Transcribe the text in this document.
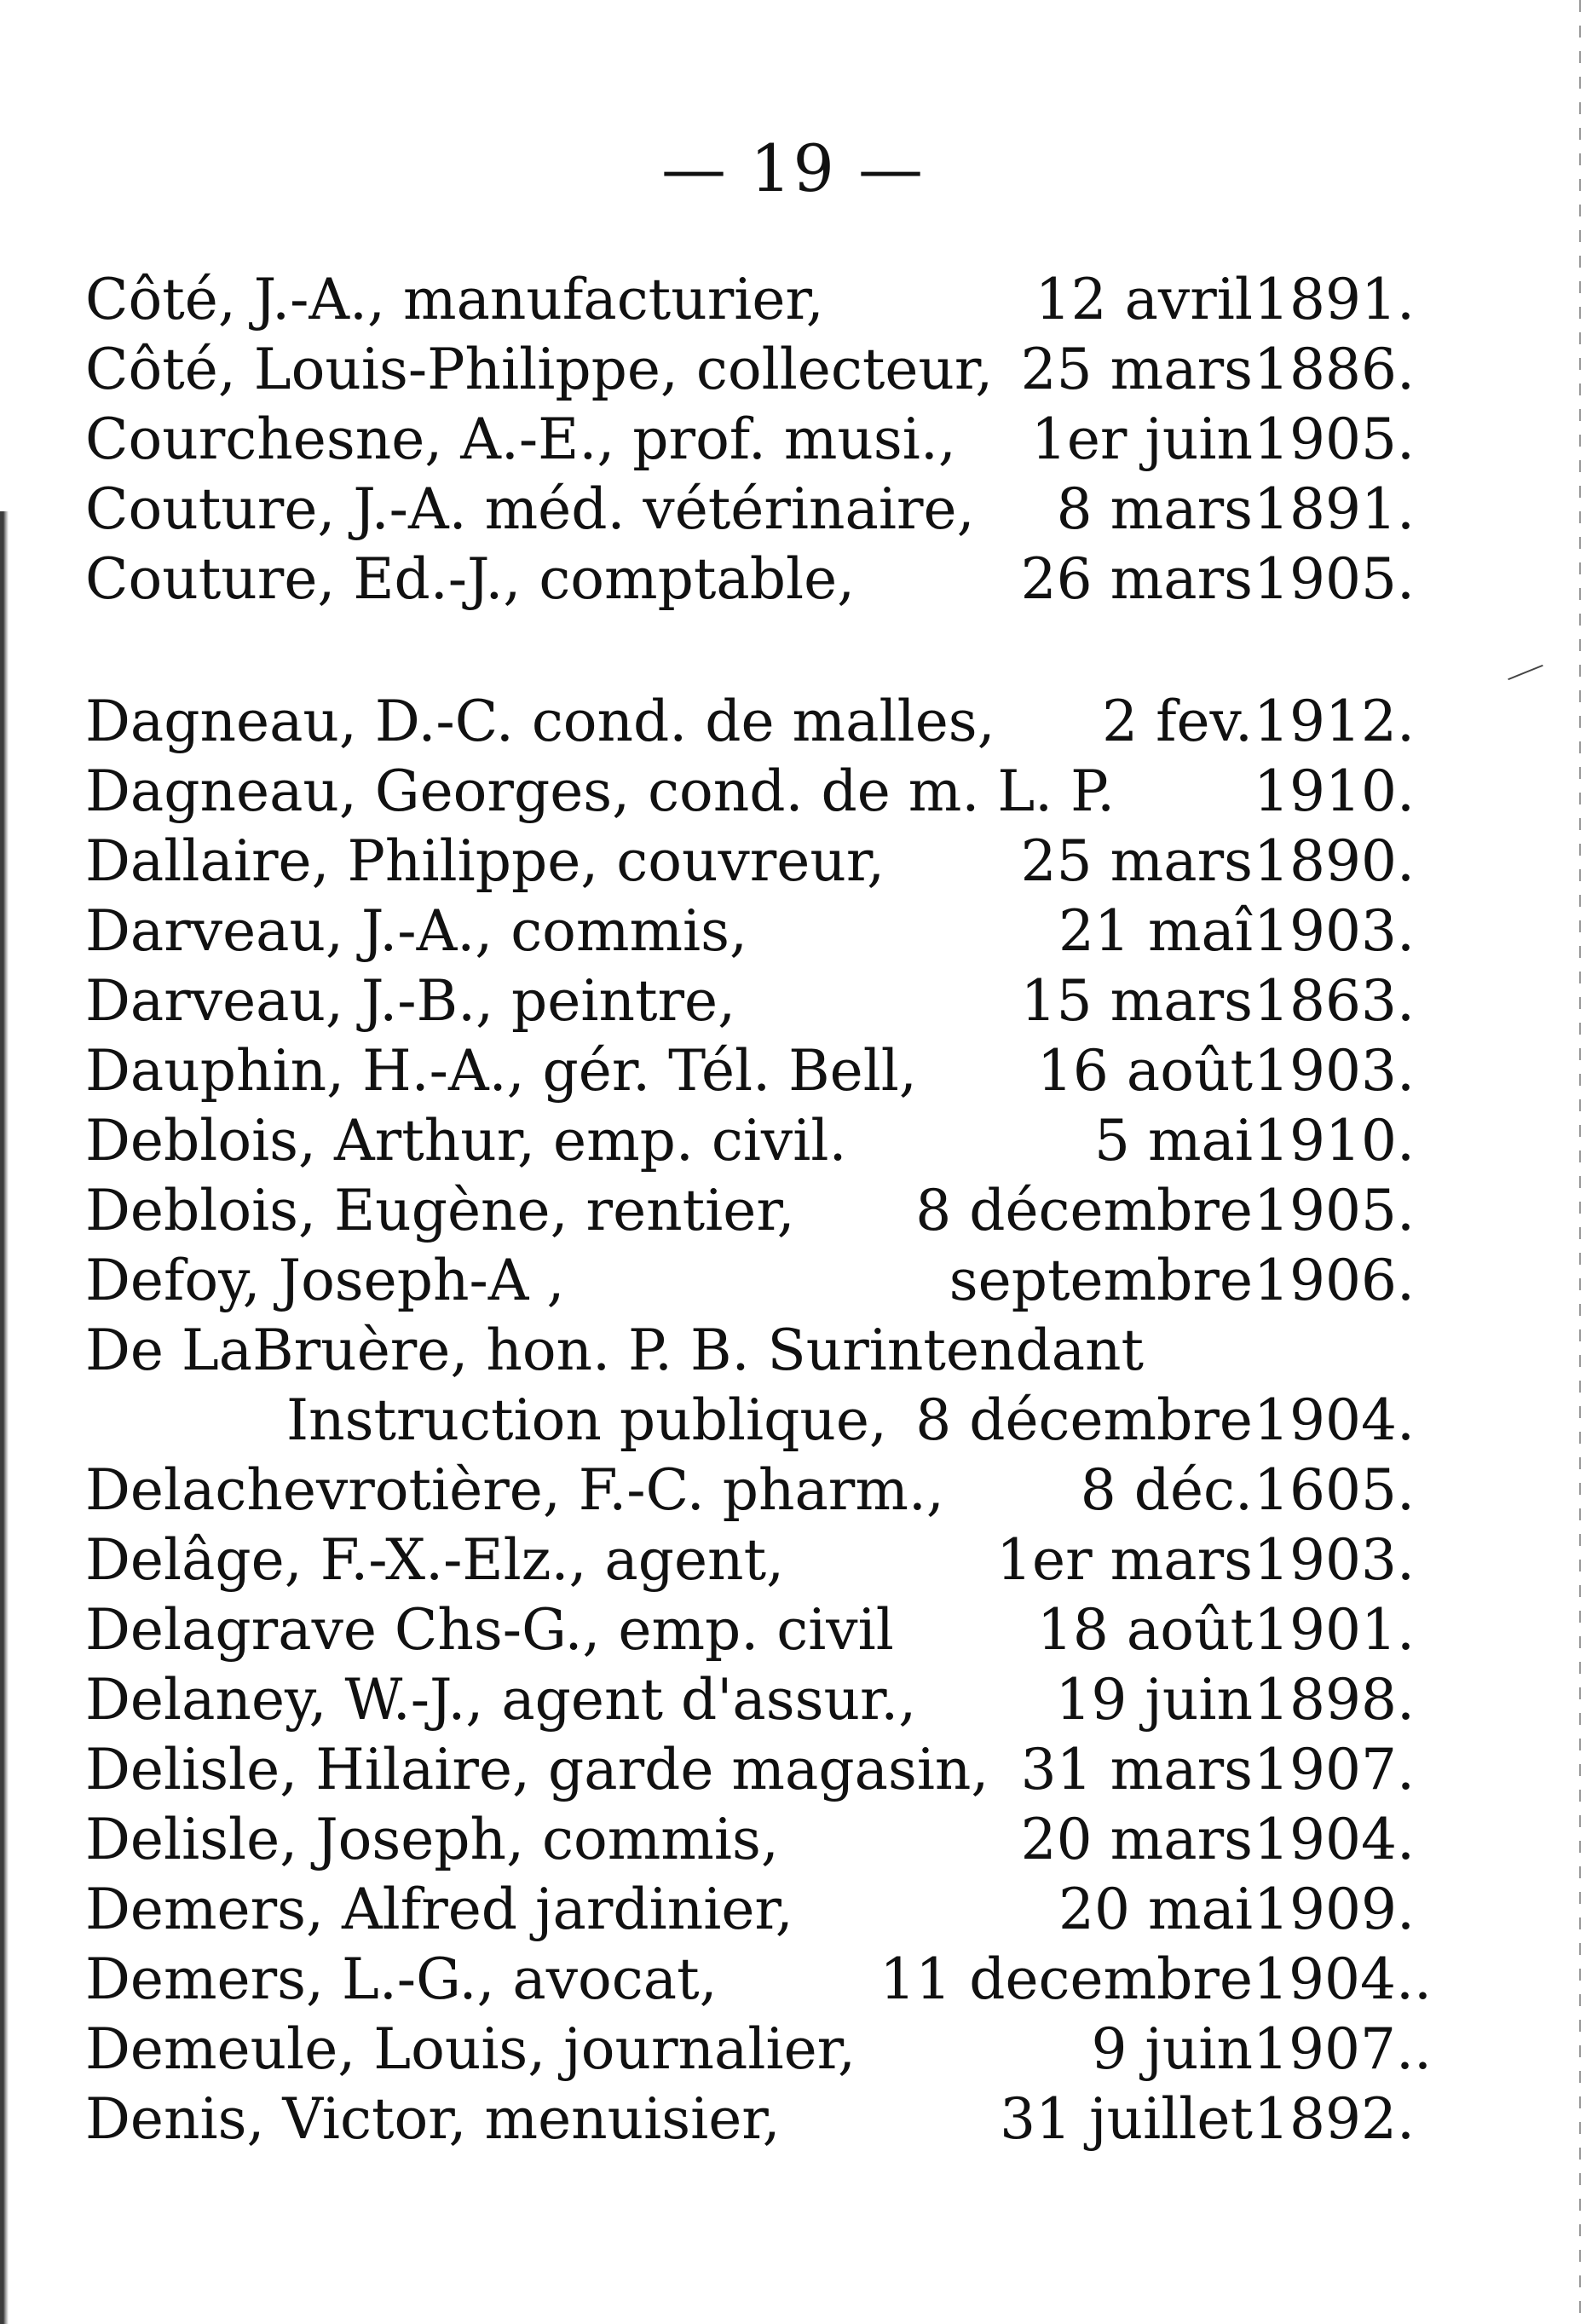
— 19 —
Côté, J.-A., manufacturier,	12 avril 1891.
Côté, Louis-Philippe, collecteur, 25 mars 1886.
Courchesne, A.-E., prof. musi., 1er juin 1905.
Couture, J.-A. méd. vétérinaire, 8 mars 1891.
Couture, Ed.-J., comptable,	26 mars 1905.
Dagneau, D.-C. cond. de malles, 2 fev. 1912.
Dagneau, Georges, cond. de m. L. P. 1910.
Dallaire, Philippe, couvreur, 25 mars 1890.
Darveau, J.-A., commis,	21 maî 1903.
Darveau, J.-B., peintre,	15 mars 1863.
Dauphin, H.-A., gér. Tél. Bell, 16 août 1903.
Deblois, Arthur, emp. civil.	5 mai 1910.
Deblois, Eugène, rentier, 8 décembre 1905.
Defoy, Joseph-A ,	septembre 1906.
De LaBruère, hon. P. B. Surintendant
Instruction publique, 8 décembre 1904.
Delachevrotière, F.-C. pharm., 8 déc. 1605.
Delâge, F.-X.-Elz., agent,	1er mars 1903.
Delagrave Chs-G., emp. civil	18 août 1901.
Delaney, W.-J., agent d'assur., 19 juin 1898.
Delisle, Hilaire, garde magasin, 31 mars 1907.
Delisle, Joseph, commis,	20 mars 1904.
Demers, Alfred jardinier,	20 mai 1909.
Demers, L.-G., avocat,	11 decembre 1904..
Demeule, Louis, journalier,	9 juin 1907..
Denis, Victor, menuisier,	31 juillet 1892.
